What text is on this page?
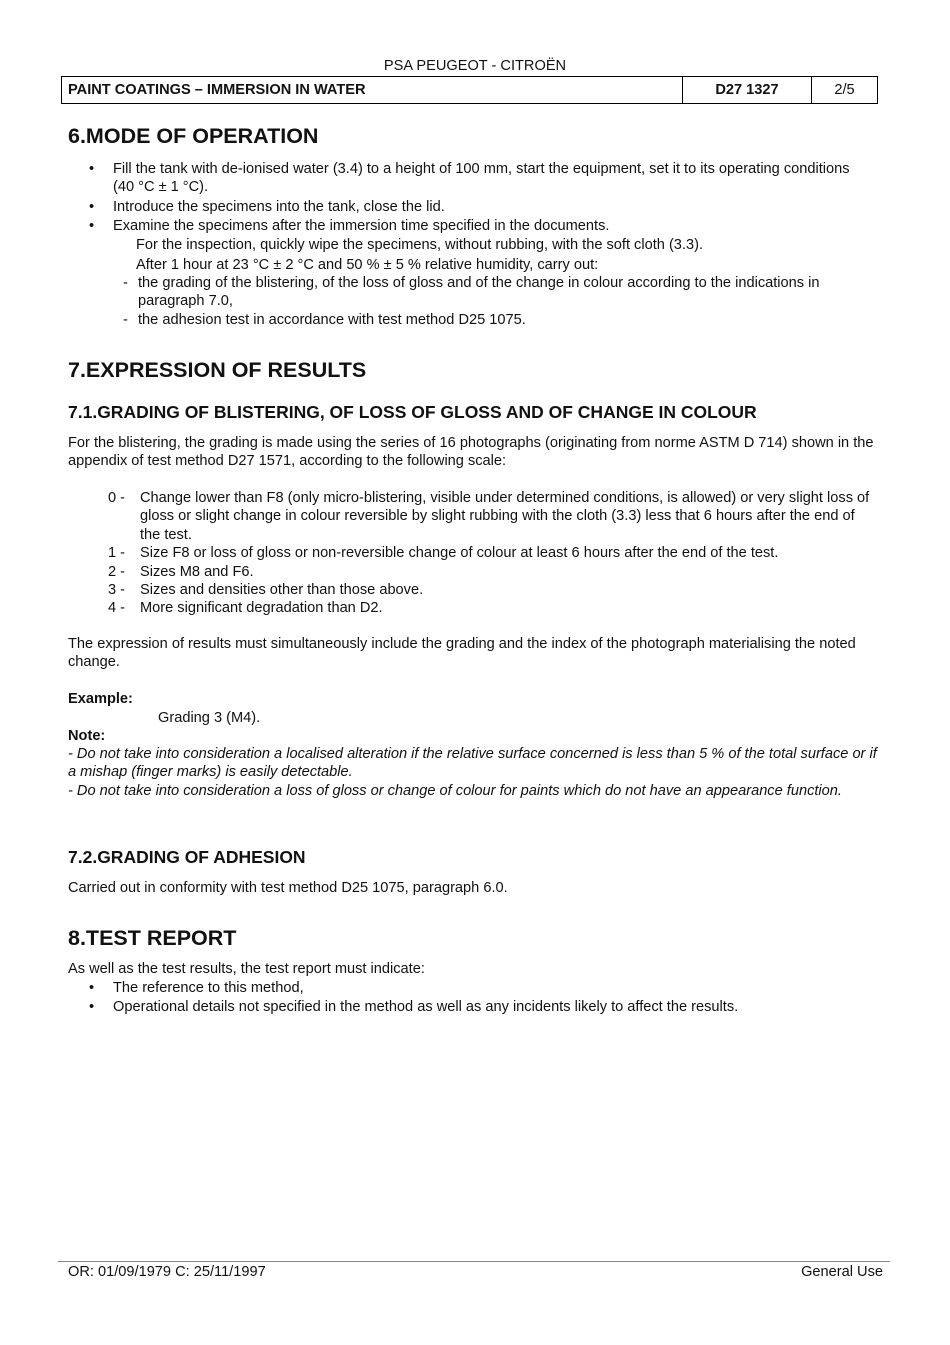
PSA PEUGEOT - CITROËN
PAINT COATINGS – IMMERSION IN WATER	D27 1327	2/5
6.MODE OF OPERATION
• Fill the tank with de-ionised water (3.4) to a height of 100 mm, start the equipment, set it to its operating conditions (40 °C ± 1 °C).
• Introduce the specimens into the tank, close the lid.
• Examine the specimens after the immersion time specified in the documents.
For the inspection, quickly wipe the specimens, without rubbing, with the soft cloth (3.3).
After 1 hour at 23 °C ± 2 °C and 50 % ± 5 % relative humidity, carry out:
- the grading of the blistering, of the loss of gloss and of the change in colour according to the indications in paragraph 7.0,
- the adhesion test in accordance with test method D25 1075.
7.EXPRESSION OF RESULTS
7.1.GRADING OF BLISTERING, OF LOSS OF GLOSS AND OF CHANGE IN COLOUR
For the blistering, the grading is made using the series of 16 photographs (originating from norme ASTM D 714) shown in the appendix of test method D27 1571, according to the following scale:
0 - Change lower than F8 (only micro-blistering, visible under determined conditions, is allowed) or very slight loss of gloss or slight change in colour reversible by slight rubbing with the cloth (3.3) less that 6 hours after the end of the test.
1 - Size F8 or loss of gloss or non-reversible change of colour at least 6 hours after the end of the test.
2 - Sizes M8 and F6.
3 - Sizes and densities other than those above.
4 - More significant degradation than D2.
The expression of results must simultaneously include the grading and the index of the photograph materialising the noted change.
Example:
Grading 3 (M4).
Note:
- Do not take into consideration a localised alteration if the relative surface concerned is less than 5 % of the total surface or if a mishap (finger marks) is easily detectable.
- Do not take into consideration a loss of gloss or change of colour for paints which do not have an appearance function.
7.2.GRADING OF ADHESION
Carried out in conformity with test method D25 1075, paragraph 6.0.
8.TEST REPORT
As well as the test results, the test report must indicate:
• The reference to this method,
• Operational details not specified in the method as well as any incidents likely to affect the results.
OR: 01/09/1979 C: 25/11/1997	General Use
